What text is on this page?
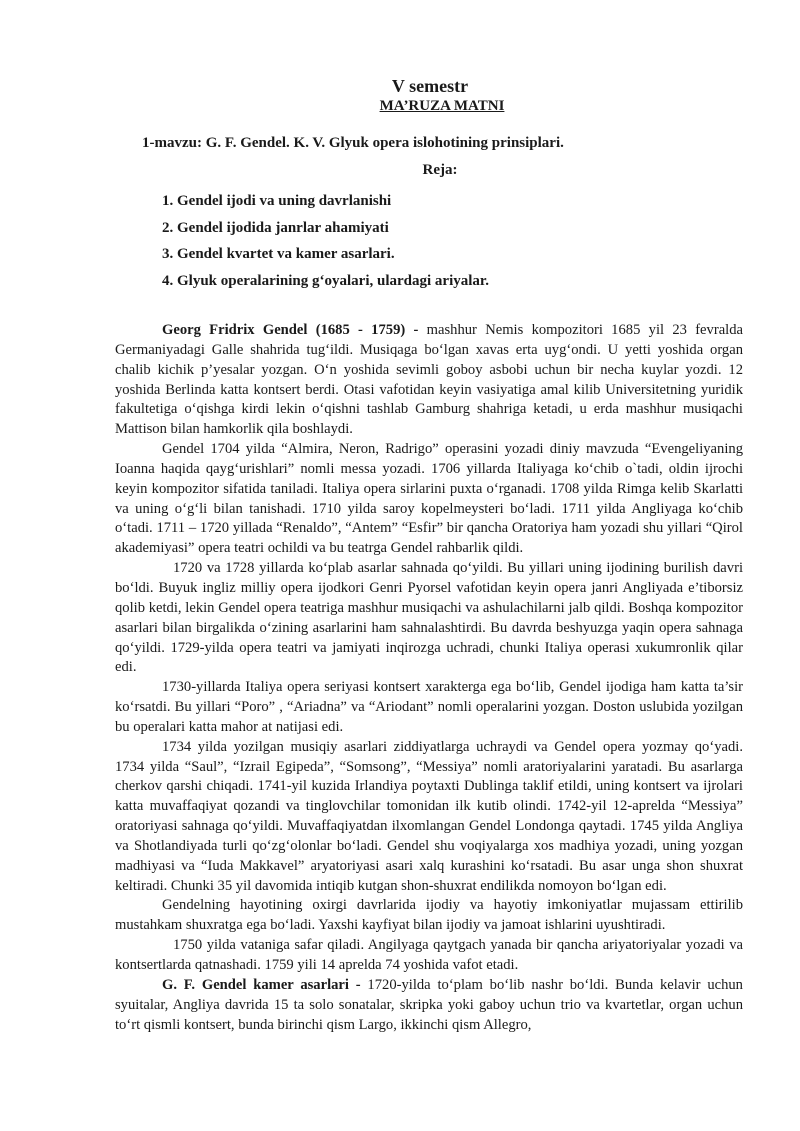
V semestr
MA’RUZA MATNI
1-mavzu: G. F. Gendel. K. V. Glyuk opera islohotining prinsiplari.
Reja:
1. Gendel ijodi va uning davrlanishi
2. Gendel ijodida janrlar ahamiyati
3. Gendel kvartet va kamer asarlari.
4. Glyuk operalarining g‘oyalari, ulardagi ariyalar.

Georg Fridrix Gendel (1685 - 1759) - mashhur Nemis kompozitori 1685 yil 23 fevralda Germaniyadagi Galle shahrida tug‘ildi. Musiqaga bo‘lgan xavas erta uyg‘ondi. U yetti yoshida organ chalib kichik p’yesalar yozgan. O‘n yoshida sevimli goboy asbobi uchun bir necha kuylar yozdi. 12 yoshida Berlinda katta kontsert berdi. Otasi vafotidan keyin vasiyatiga amal kilib Universitetning yuridik fakultetiga o‘qishga kirdi lekin o‘qishni tashlab Gamburg shahriga ketadi, u erda mashhur musiqachi Mattison bilan hamkorlik qila boshlaydi.

Gendel 1704 yilda “Almira, Neron, Radrigo” operasini yozadi diniy mavzuda “Evengeliyaning Ioanna haqida qayg‘urishlari” nomli messa yozadi. 1706 yillarda Italiyaga ko‘chib o`tadi, oldin ijrochi keyin kompozitor sifatida taniladi. Italiya opera sirlarini puxta o‘rganadi. 1708 yilda Rimga kelib Skarlatti va uning o‘g‘li bilan tanishadi. 1710 yilda saroy kopelmeysteri bo‘ladi. 1711 yilda Angliyaga ko‘chib o‘tadi. 1711 – 1720 yillada “Renaldo”, “Antem” “Esfir” bir qancha Oratoriya ham yozadi shu yillari “Qirol akademiyasi” opera teatri ochildi va bu teatrga Gendel rahbarlik qildi.

1720 va 1728 yillarda ko‘plab asarlar sahnada qo‘yildi. Bu yillari uning ijodining burilish davri bo‘ldi. Buyuk ingliz milliy opera ijodkori Genri Pyorsel vafotidan keyin opera janri Angliyada e’tiborsiz qolib ketdi, lekin Gendel opera teatriga mashhur musiqachi va ashulachilarni jalb qildi. Boshqa kompozitor asarlari bilan birgalikda o‘zining asarlarini ham sahnalashtirdi. Bu davrda beshyuzga yaqin opera sahnaga qo‘yildi. 1729-yilda opera teatri va jamiyati inqirozga uchradi, chunki Italiya operasi xukumronlik qilar edi.

1730-yillarda Italiya opera seriyasi kontsert xarakterga ega bo‘lib, Gendel ijodiga ham katta ta’sir ko‘rsatdi. Bu yillari “Poro” , “Ariadna” va “Ariodant” nomli operalarini yozgan. Doston uslubida yozilgan bu operalari katta mahor at natijasi edi.

1734 yilda yozilgan musiqiy asarlari ziddiyatlarga uchraydi va Gendel opera yozmay qo‘yadi. 1734 yilda “Saul”, “Izrail Egipeda”, “Somsong”, “Messiya” nomli aratoriyalarini yaratadi. Bu asarlarga cherkov qarshi chiqadi. 1741-yil kuzida Irlandiya poytaxti Dublinga taklif etildi, uning kontsert va ijrolari katta muvaffaqiyat qozandi va tinglovchilar tomonidan ilk kutib olindi. 1742-yil 12-aprelda “Messiya” oratoriyasi sahnaga qo‘yildi. Muvaffaqiyatdan ilxomlangan Gendel Londonga qaytadi. 1745 yilda Angliya va Shotlandiyada turli qo‘zg‘olonlar bo‘ladi. Gendel shu voqiyalarga xos madhiya yozadi, uning yozgan madhiyasi va “Iuda Makkavel” aryatoriyasi asari xalq kurashini ko‘rsatadi. Bu asar unga shon shuxrat keltiradi. Chunki 35 yil davomida intiqib kutgan shon-shuxrat endilikda nomoyon bo‘lgan edi.

Gendelning hayotining oxirgi davrlarida ijodiy va hayotiy imkoniyatlar mujassam ettirilib mustahkam shuxratga ega bo‘ladi. Yaxshi kayfiyat bilan ijodiy va jamoat ishlarini uyushtiradi.

1750 yilda vataniga safar qiladi. Angilyaga qaytgach yanada bir qancha ariyatoriyalar yozadi va kontsertlarda qatnashadi. 1759 yili 14 aprelda 74 yoshida vafot etadi.

G. F. Gendel kamer asarlari - 1720-yilda to‘plam bo‘lib nashr bo‘ldi. Bunda kelavir uchun syuitalar, Angliya davrida 15 ta solo sonatalar, skripka yoki gaboy uchun trio va kvartetlar, organ uchun to‘rt qismli kontsert, bunda birinchi qism Largo, ikkinchi qism Allegro,
